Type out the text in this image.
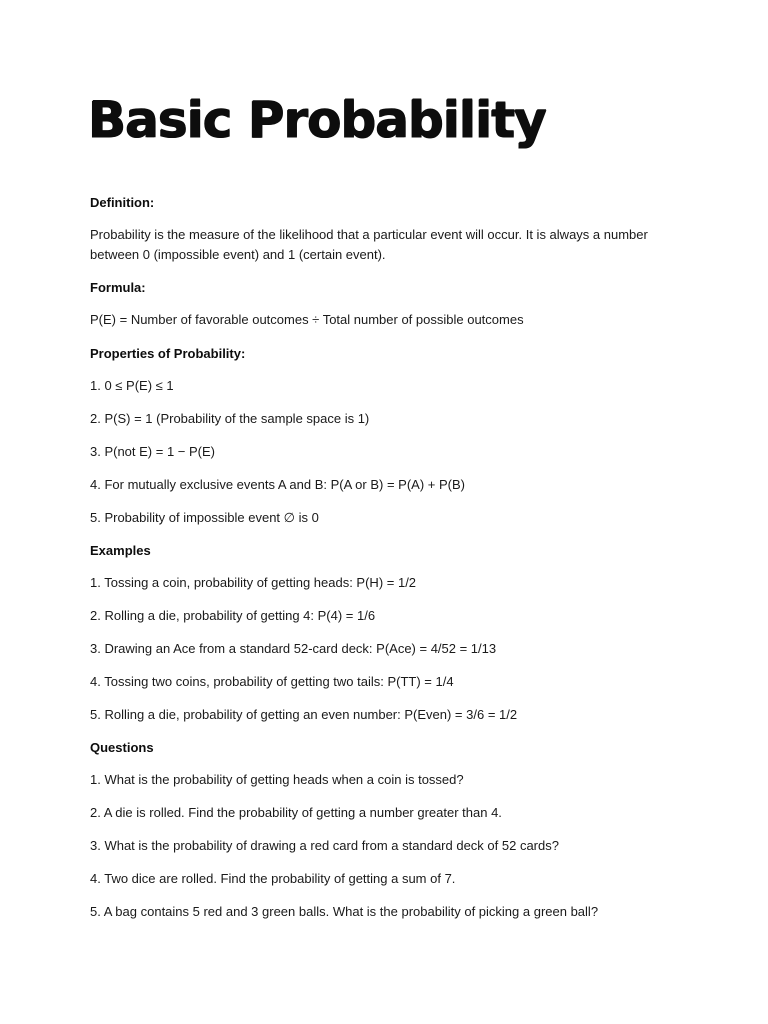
Basic Probability
Definition:
Probability is the measure of the likelihood that a particular event will occur. It is always a number between 0 (impossible event) and 1 (certain event).
Formula:
P(E) = Number of favorable outcomes ÷ Total number of possible outcomes
Properties of Probability:
1. 0 ≤ P(E) ≤ 1
2. P(S) = 1 (Probability of the sample space is 1)
3. P(not E) = 1 − P(E)
4. For mutually exclusive events A and B: P(A or B) = P(A) + P(B)
5. Probability of impossible event ∅ is 0
Examples
1. Tossing a coin, probability of getting heads: P(H) = 1/2
2. Rolling a die, probability of getting 4: P(4) = 1/6
3. Drawing an Ace from a standard 52-card deck: P(Ace) = 4/52 = 1/13
4. Tossing two coins, probability of getting two tails: P(TT) = 1/4
5. Rolling a die, probability of getting an even number: P(Even) = 3/6 = 1/2
Questions
1. What is the probability of getting heads when a coin is tossed?
2. A die is rolled. Find the probability of getting a number greater than 4.
3. What is the probability of drawing a red card from a standard deck of 52 cards?
4. Two dice are rolled. Find the probability of getting a sum of 7.
5. A bag contains 5 red and 3 green balls. What is the probability of picking a green ball?
